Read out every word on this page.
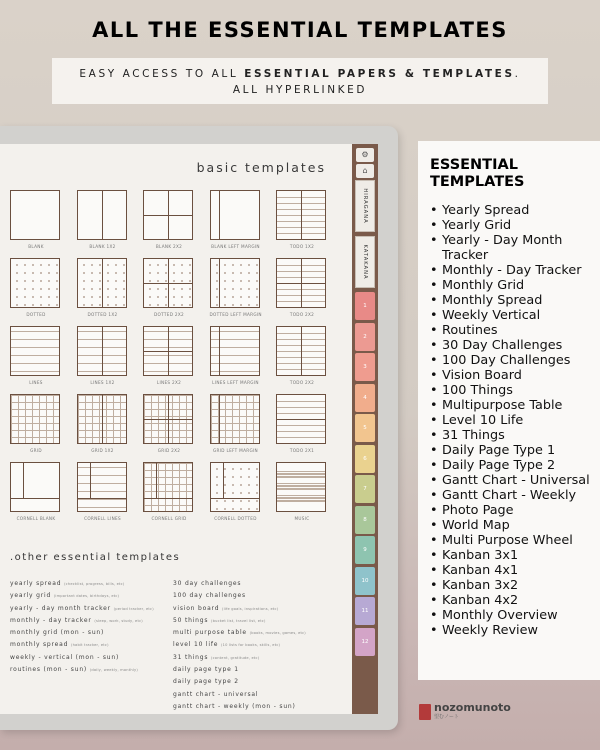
ALL THE ESSENTIAL TEMPLATES
EASY ACCESS TO ALL ESSENTIAL PAPERS & TEMPLATES.
ALL HYPERLINKED
basic templates
BLANK	BLANK 1X2	BLANK 2X2	BLANK LEFT MARGIN	TODO 1X2
DOTTED	DOTTED 1X2	DOTTED 2X2	DOTTED LEFT MARGIN	TODO 2X2
LINES	LINES 1X2	LINES 2X2	LINES LEFT MARGIN	TODO 2X2
GRID	GRID 1X2	GRID 2X2	GRID LEFT MARGIN	TODO 2X1
CORNELL BLANK	CORNELL LINES	CORNELL GRID	CORNELL DOTTED	MUSIC
.other essential templates
yearly spread (checklist, progress, bills, etc)
yearly grid (important dates, birthdays, etc)
yearly - day month tracker (period tracker, etc)
monthly - day tracker (sleep, work, study, etc)
monthly grid (mon - sun)
monthly spread (habit tracker, etc)
weekly - vertical (mon - sun)
routines (mon - sun) (daily, weekly, monthly)
30 day challenges
100 day challenges
vision board (life goals, inspirations, etc)
50 things (bucket list, travel list, etc)
multi purpose table (books, movies, games, etc)
level 10 life (10 lists for books, skills, etc)
31 things (content, gratitude, etc)
daily page type 1
daily page type 2
gantt chart - universal
gantt chart - weekly (mon - sun)
⚙
⌂
HIRAGANA
KATAKANA
1
2
3
4
5
6
7
8
9
10
11
12
ESSENTIAL
TEMPLATES
• Yearly Spread
• Yearly Grid
• Yearly - Day Month Tracker
• Monthly - Day Tracker
• Monthly Grid
• Monthly Spread
• Weekly Vertical
• Routines
• 30 Day Challenges
• 100 Day Challenges
• Vision Board
• 100 Things
• Multipurpose Table
• Level 10 Life
• 31 Things
• Daily Page Type 1
• Daily Page Type 2
• Gantt Chart - Universal
• Gantt Chart - Weekly
• Photo Page
• World Map
• Multi Purpose Wheel
• Kanban 3x1
• Kanban 4x1
• Kanban 3x2
• Kanban 4x2
• Monthly Overview
• Weekly Review
nozomunoto
望むノート
